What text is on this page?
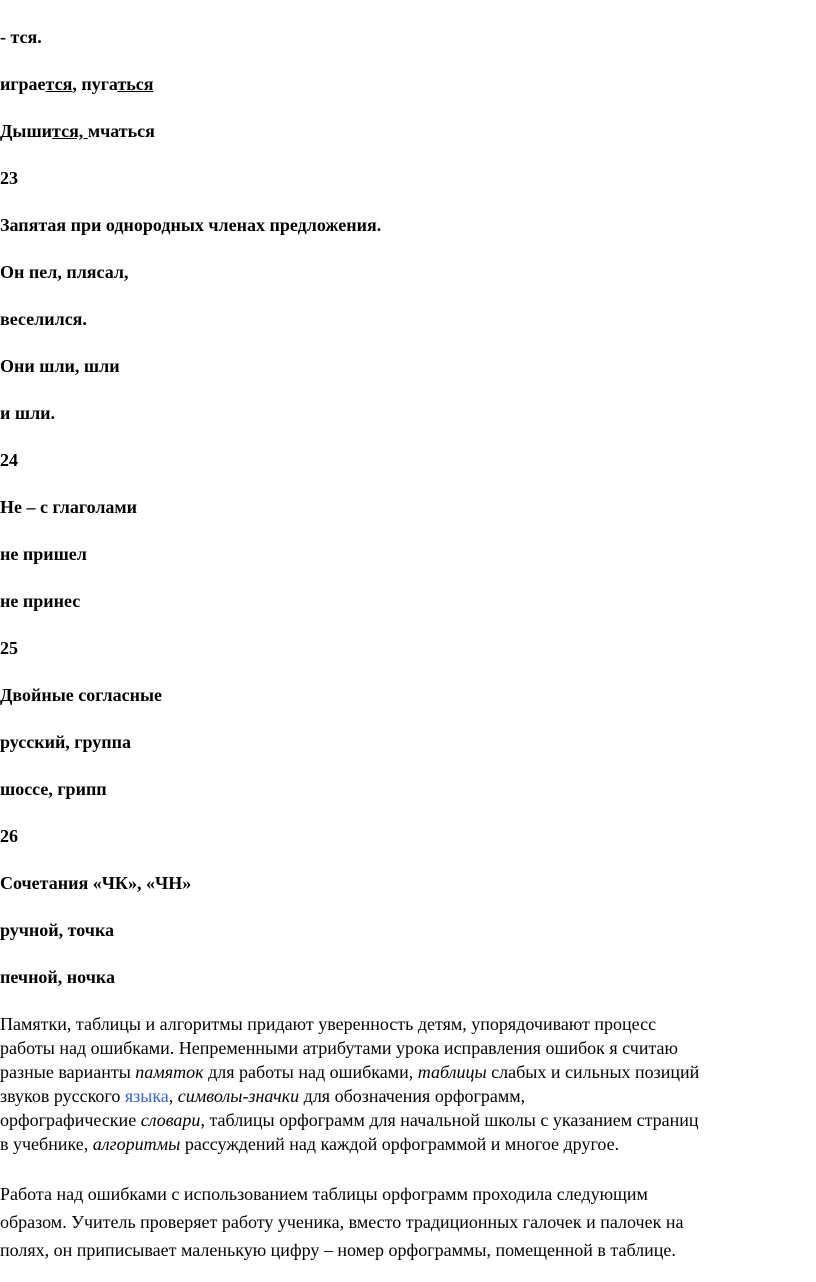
- тся.
играется, пугаться
Дышится, мчаться
23
Запятая при однородных членах предложения.
Он пел, плясал,
веселился.
Они шли, шли
и шли.
24
Не – с глаголами
не пришел
не принес
25
Двойные согласные
русский, группа
шоссе, грипп
26
Сочетания «ЧК», «ЧН»
ручной, точка
печной, ночка
Памятки, таблицы и алгоритмы придают уверенность детям, упорядочивают процесс
работы над ошибками. Непременными атрибутами урока исправления ошибок я считаю
разные варианты памяток для работы над ошибками, таблицы слабых и сильных позиций
звуков русского языка, символы-значки для обозначения орфограмм,
орфографические словари, таблицы орфограмм для начальной школы с указанием страниц
в учебнике, алгоритмы рассуждений над каждой орфограммой и многое другое.
Работа над ошибками с использованием таблицы орфограмм проходила следующим
образом. Учитель проверяет работу ученика, вместо традиционных галочек и палочек на
полях, он приписывает маленькую цифру – номер орфограммы, помещенной в таблице.
